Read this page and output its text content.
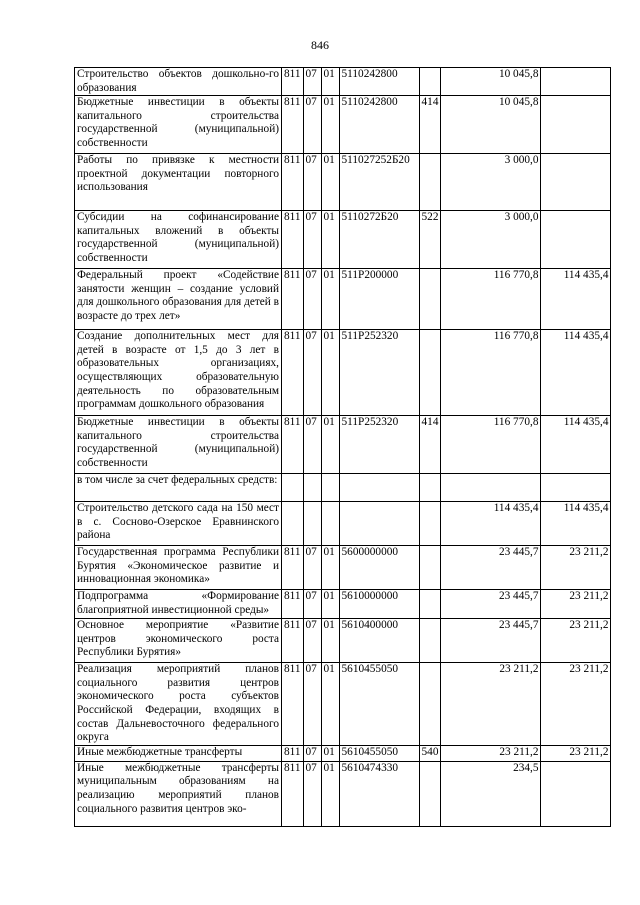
846
Строительство объектов дошкольно-го образования	811	07	01	5110242800		10 045,8	
Бюджетные инвестиции в объекты капитального строительства государственной (муниципальной) собственности	811	07	01	5110242800	414	10 045,8	
Работы по привязке к местности проектной документации повторного использования	811	07	01	511027252Б20		3 000,0	
Субсидии на софинансирование капитальных вложений в объекты государственной (муниципальной) собственности	811	07	01	5110272Б20	522	3 000,0	
Федеральный проект «Содействие занятости женщин – создание условий для дошкольного образования для детей в возрасте до трех лет»	811	07	01	511P200000		116 770,8	114 435,4
Создание дополнительных мест для детей в возрасте от 1,5 до 3 лет в образовательных организациях, осуществляющих образовательную деятельность по образовательным программам дошкольного образования	811	07	01	511P252320		116 770,8	114 435,4
Бюджетные инвестиции в объекты капитального строительства государственной (муниципальной) собственности	811	07	01	511P252320	414	116 770,8	114 435,4
в том числе за счет федеральных средств:							
Строительство детского сада на 150 мест в с. Сосново-Озерское Еравнинского района						114 435,4	114 435,4
Государственная программа Республики Бурятия «Экономическое развитие и инновационная экономика»	811	07	01	5600000000		23 445,7	23 211,2
Подпрограмма «Формирование благоприятной инвестиционной среды»	811	07	01	5610000000		23 445,7	23 211,2
Основное мероприятие «Развитие центров экономического роста Республики Бурятия»	811	07	01	5610400000		23 445,7	23 211,2
Реализация мероприятий планов социального развития центров экономического роста субъектов Российской Федерации, входящих в состав Дальневосточного федерального округа	811	07	01	5610455050		23 211,2	23 211,2
Иные межбюджетные трансферты	811	07	01	5610455050	540	23 211,2	23 211,2
Иные межбюджетные трансферты муниципальным образованиям на реализацию мероприятий планов социального развития центров эко-	811	07	01	5610474330		234,5	
